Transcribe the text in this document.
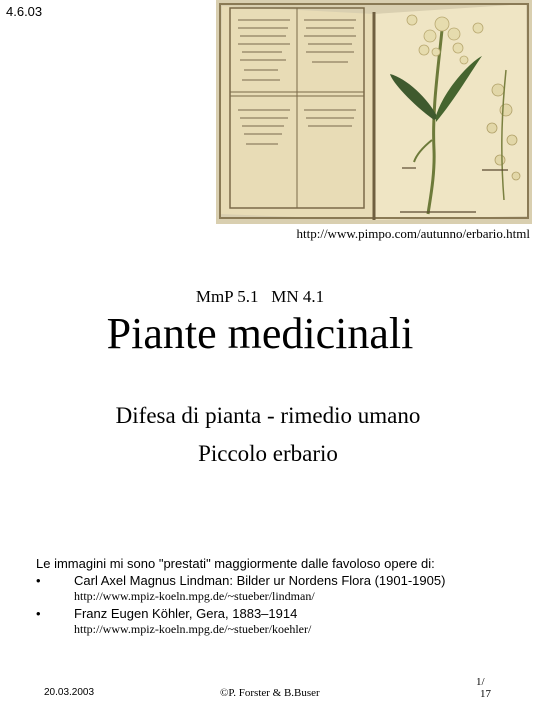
4.6.03
http://www.pimpo.com/autunno/erbario.html
MmP 5.1   MN 4.1
Piante medicinali
Difesa di pianta - rimedio umano
Piccolo erbario
Le immagini mi sono "prestati" maggiormente dalle favoloso opere di:
•	Carl Axel Magnus Lindman: Bilder ur Nordens Flora (1901-1905)
http://www.mpiz-koeln.mpg.de/~stueber/lindman/
•	Franz Eugen Köhler, Gera, 1883–1914
http://www.mpiz-koeln.mpg.de/~stueber/koehler/
20.03.2003	©P. Forster & B.Buser
1/
17
